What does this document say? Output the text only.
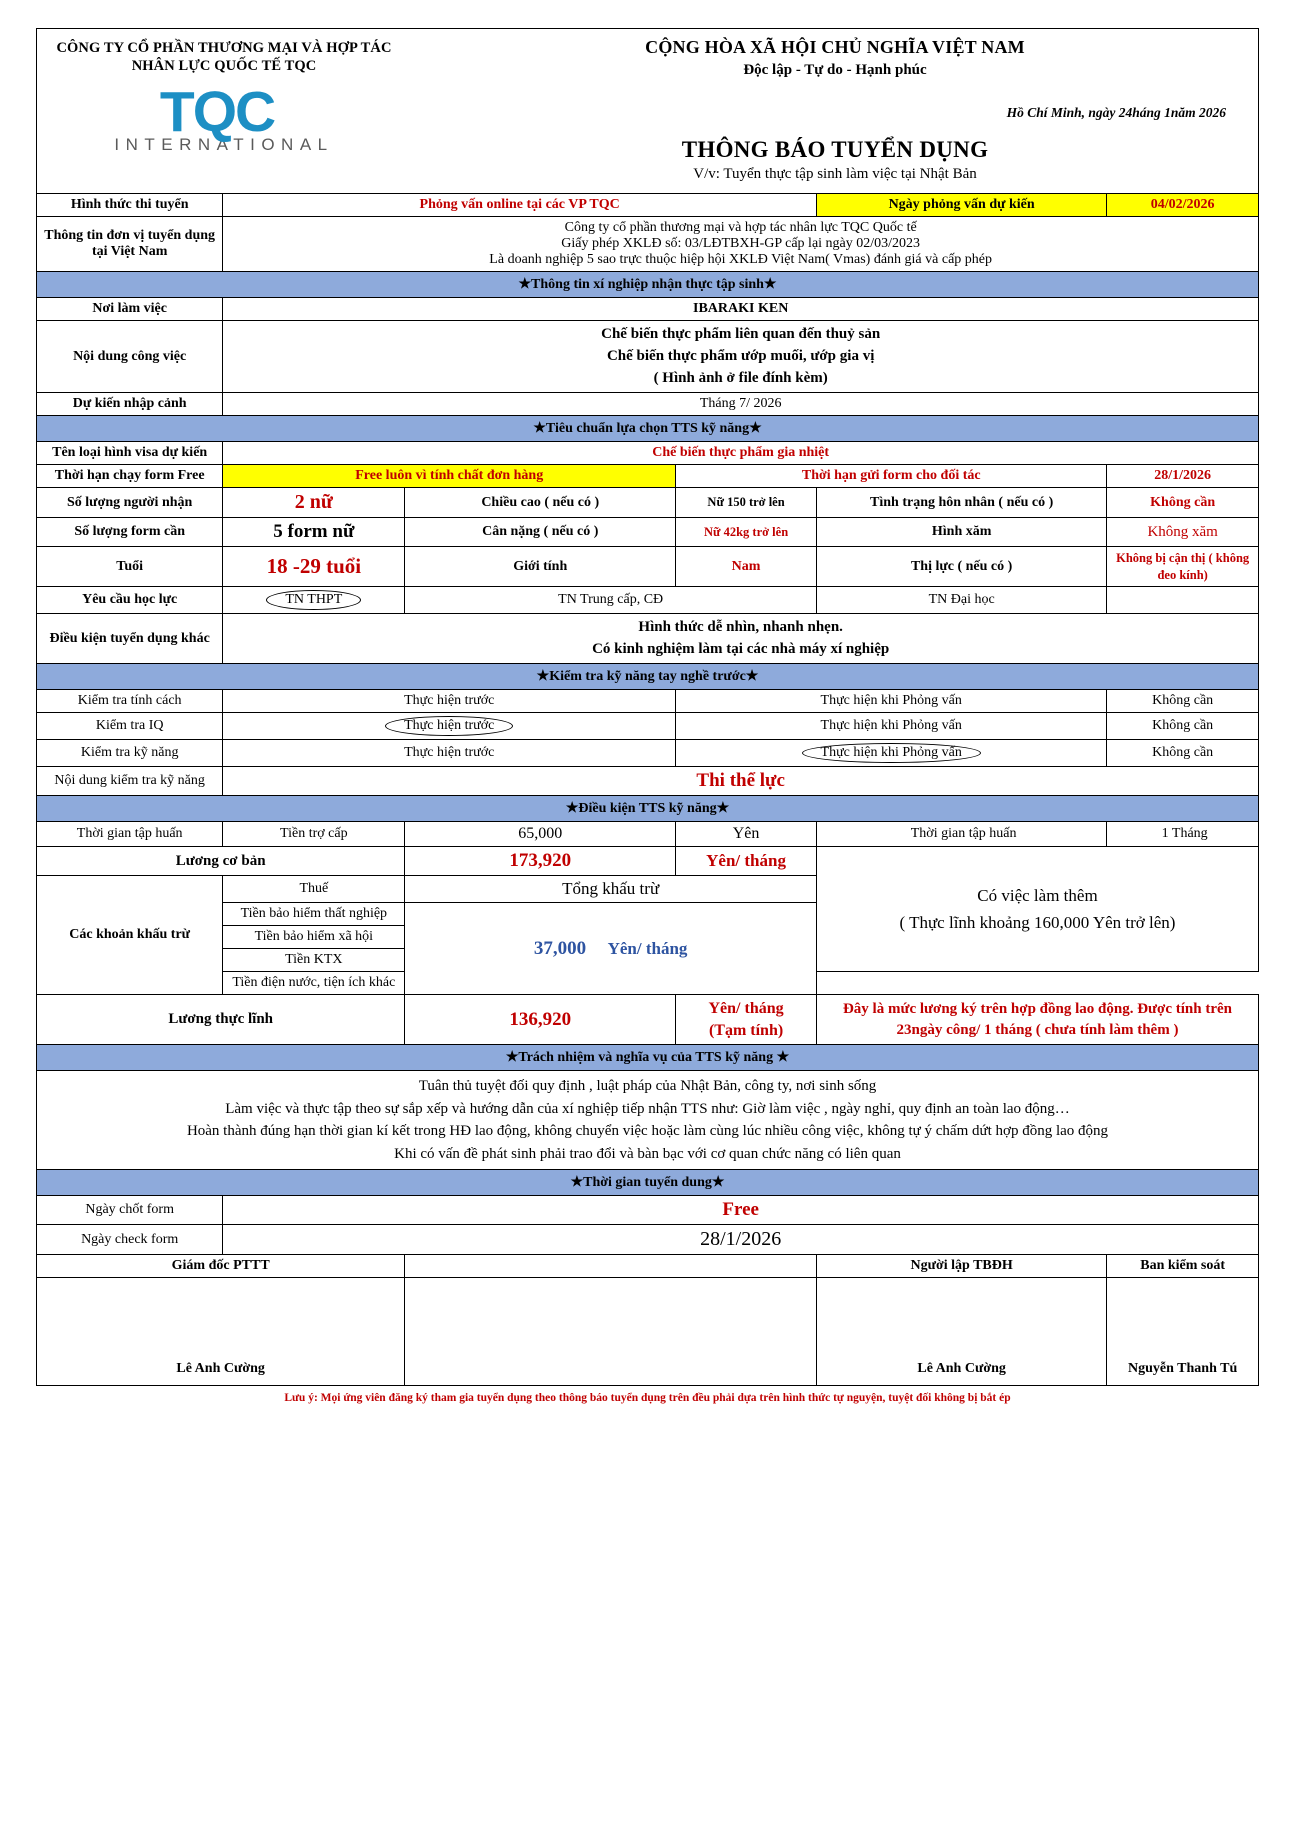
CÔNG TY CỔ PHẦN THƯƠNG MẠI VÀ HỢP TÁC NHÂN LỰC QUỐC TẾ TQC
TQC
INTERNATIONAL
CỘNG HÒA XÃ HỘI CHỦ NGHĨA VIỆT NAM
Độc lập - Tự do - Hạnh phúc
Hồ Chí Minh, ngày 24háng 1năm 2026
THÔNG BÁO TUYỂN DỤNG
V/v: Tuyển thực tập sinh làm việc tại Nhật Bản
Hình thức thi tuyển	Phỏng vấn online tại các VP TQC			Ngày phỏng vấn dự kiến	04/02/2026
Thông tin đơn vị tuyển dụng tại Việt Nam	Công ty cổ phần thương mại và hợp tác nhân lực TQC Quốc tế
Giấy phép XKLĐ số: 03/LĐTBXH-GP cấp lại ngày 02/03/2023
Là doanh nghiệp 5 sao trực thuộc hiệp hội XKLĐ Việt Nam( Vmas) đánh giá và cấp phép				

★Thông tin xí nghiệp nhận thực tập sinh★					
Nơi làm việc	IBARAKI KEN				
Nội dung công việc	Chế biến thực phẩm liên quan đến thuỷ sản
Chế biến thực phẩm ướp muối, ướp gia vị
( Hình ảnh ở file đính kèm)				

Dự kiến nhập cảnh	Tháng 7/ 2026				
★Tiêu chuẩn lựa chọn TTS kỹ năng★					
Tên loại hình visa dự kiến	Chế biến thực phẩm gia nhiệt				
Thời hạn chạy form Free	Free luôn vì tính chất đơn hàng		Thời hạn gửi form cho đối tác		28/1/2026
Số lượng người nhận	2 nữ	Chiều cao ( nếu có )	Nữ 150 trở lên	Tình trạng hôn nhân ( nếu có )	Không cần
Số lượng form cần	5 form nữ	Cân nặng ( nếu có )	Nữ 42kg trở lên	Hình xăm	Không xăm
Tuổi	18 -29 tuổi	Giới tính	Nam	Thị lực ( nếu có )	Không bị cận thị ( không đeo kính)
Yêu cầu học lực	TN THPT	TN Trung cấp, CĐ		TN Đại học	
Điều kiện tuyển dụng khác	Hình thức dễ nhìn, nhanh nhẹn.
Có kinh nghiệm làm tại các nhà máy xí nghiệp				

★Kiểm tra kỹ năng tay nghề trước★					
Kiểm tra tính cách	Thực hiện trước		Thực hiện khi Phỏng vấn		Không cần
Kiểm tra IQ	Thực hiện trước		Thực hiện khi Phỏng vấn		Không cần
Kiểm tra kỹ năng	Thực hiện trước		Thực hiện khi Phỏng vấn		Không cần
Nội dung kiểm tra kỹ năng	Thi thể lực				
★Điều kiện TTS kỹ năng★					
Thời gian tập huấn	Tiền trợ cấp	65,000	Yên	Thời gian tập huấn	1 Tháng
Lương cơ bản		173,920	Yên/ tháng	Có việc làm thêm
( Thực lĩnh khoảng 160,000 Yên trở lên)	

Các khoản khấu trừ	Thuế	Tổng khấu trừ			
	Tiền bảo hiểm thất nghiệp	37,000 Yên/ tháng			
	Tiền bảo hiểm xã hội				
	Tiền KTX				
	Tiền điện nước, tiện ích khác				
Lương thực lĩnh		136,920	Yên/ tháng
(Tạm tính)	Đây là mức lương ký trên hợp đồng lao động. Được tính trên 23ngày công/ 1 tháng ( chưa tính làm thêm )	
★Trách nhiệm và nghĩa vụ của TTS kỹ năng ★					

Tuân thủ tuyệt đối quy định , luật pháp của Nhật Bản, công ty, nơi sinh sống
Làm việc và thực tập theo sự sắp xếp và hướng dẫn của xí nghiệp tiếp nhận TTS như: Giờ làm việc , ngày nghỉ, quy định an toàn lao động…
Hoàn thành đúng hạn thời gian kí kết trong HĐ lao động, không chuyển việc hoặc làm cùng lúc nhiều công việc, không tự ý chấm dứt hợp đồng lao động
Khi có vấn đề phát sinh phải trao đổi và bàn bạc với cơ quan chức năng có liên quan					

★Thời gian tuyển dung★					
Ngày chốt form	Free				
Ngày check form	28/1/2026				
Giám đốc PTTT				Người lập TBĐH	Ban kiểm soát
Lê Anh Cường				Lê Anh Cường	Nguyễn Thanh Tú
Lưu ý: Mọi ứng viên đăng ký tham gia tuyển dụng theo thông báo tuyển dụng trên đều phải dựa trên hình thức tự nguyện, tuyệt đối không bị bắt ép
